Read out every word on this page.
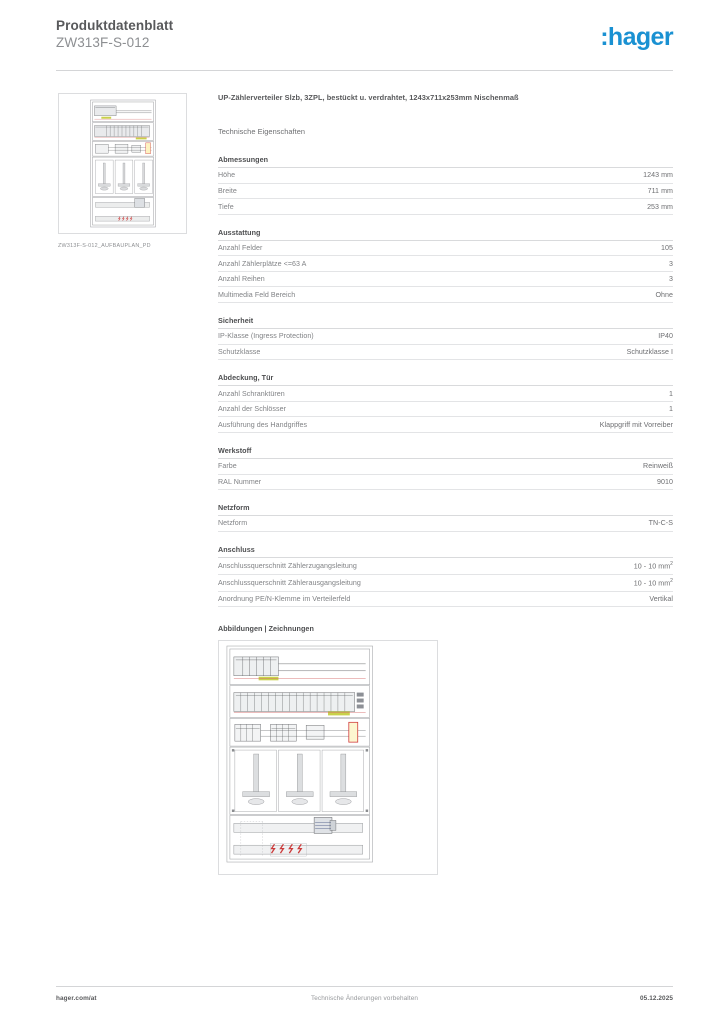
Produktdatenblatt
ZW313F-S-012	:hager
ZW313F-S-012_AUFBAUPLAN_PD
UP-Zählerverteiler Slzb, 3ZPL, bestückt u. verdrahtet, 1243x711x253mm Nischenmaß
Technische Eigenschaften
Abmessungen
Höhe	1243 mm
Breite	711 mm
Tiefe	253 mm
Ausstattung
Anzahl Felder	105
Anzahl Zählerplätze <=63 A	3
Anzahl Reihen	3
Multimedia Feld Bereich	Ohne
Sicherheit
IP-Klasse (Ingress Protection)	IP40
Schutzklasse	Schutzklasse I
Abdeckung, Tür
Anzahl Schranktüren	1
Anzahl der Schlösser	1
Ausführung des Handgriffes	Klappgriff mit Vorreiber
Werkstoff
Farbe	Reinweiß
RAL Nummer	9010
Netzform
Netzform	TN-C-S
Anschluss
Anschlussquerschnitt Zählerzugangsleitung	10 - 10 $mm^2$
Anschlussquerschnitt Zählerausgangsleitung	10 - 10 $mm^2$
Anordnung PE/N-Klemme im Verteilerfeld	Vertikal
Abbildungen | Zeichnungen
hager.com/at	Technische Änderungen vorbehalten	05.12.2025
